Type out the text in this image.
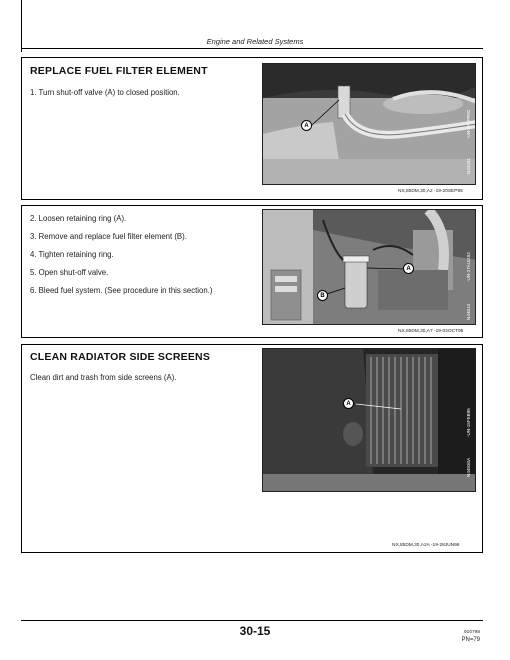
Engine and Related Systems
REPLACE FUEL FILTER ELEMENT
1. Turn shut-off valve (A) to closed position.
A
N44291
-UN-27APR92
NX,85DM,30,A2 -19-20SEP95
2. Loosen retaining ring (A).
3. Remove and replace fuel filter element (B).
4. Tighten retaining ring.
5. Open shut-off valve.
6. Bleed fuel system. (See procedure in this section.)
A
B
N44814
-UN-27AUG92
NX,85DM,30,A7 -19-02OCT95
CLEAN RADIATOR SIDE SCREENS
Clean dirt and trash from side screens (A).
A
N44830A
-UN-15FEB95
NX,85DM,30,A2A -19-28JUN96
30-15	910798
PN=79
